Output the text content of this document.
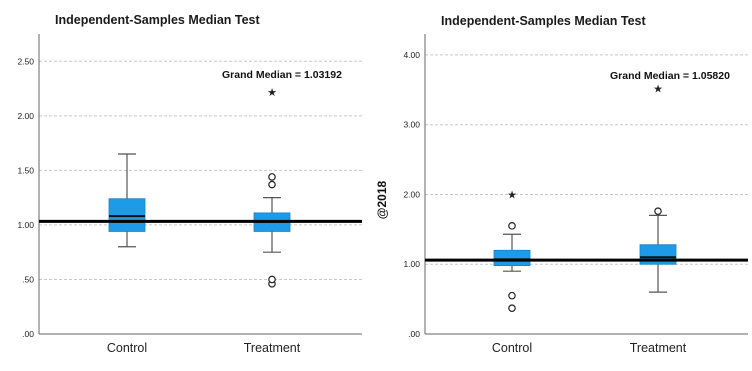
Independent-Samples Median Test
Grand Median = 1.03192
Control	Treatment
Independent-Samples Median Test
Grand Median = 1.05820
Control	Treatment
@2018
.00
.50
1.00
1.50
2.00
2.50
★
.00
1.00
2.00
3.00
4.00
★
★
